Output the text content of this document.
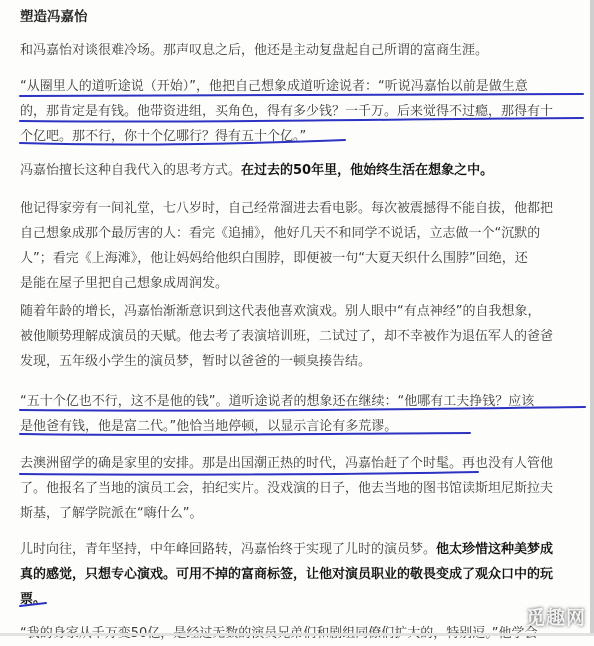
塑造冯嘉怡
和冯嘉怡对谈很难冷场。那声叹息之后，他还是主动复盘起自己所谓的富商生涯。
“从圈里人的道听途说（开始）”，他把自己想象成道听途说者：“听说冯嘉怡以前是做生意
的，那肯定是有钱。他带资进组，买角色，得有多少钱？一千万。后来觉得不过瘾，那得有十
个亿吧。那不行，你十个亿哪行？得有五十个亿。”
冯嘉怡擅长这种自我代入的思考方式。在过去的50年里，他始终生活在想象之中。
他记得家旁有一间礼堂，七八岁时，自己经常溜进去看电影。每次被震撼得不能自拔，他都把
自己想象成那个最厉害的人：看完《追捕》，他好几天不和同学不说话，立志做一个“沉默的
人”；看完《上海滩》，他让妈妈给他织白围脖，即便被一句“大夏天织什么围脖”回绝，还
是能在屋子里把自己想象成周润发。
随着年龄的增长，冯嘉怡渐渐意识到这代表他喜欢演戏。别人眼中“有点神经”的自我想象，
被他顺势理解成演员的天赋。他去考了表演培训班，二试过了，却不幸被作为退伍军人的爸爸
发现，五年级小学生的演员梦，暂时以爸爸的一顿臭揍告结。
“五十个亿也不行，这不是他的钱”。道听途说者的想象还在继续：“他哪有工夫挣钱？应该
是他爸有钱，他是富二代。”他恰当地停顿，以显示言论有多荒谬。
去澳洲留学的确是家里的安排。那是出国潮正热的时代，冯嘉怡赶了个时髦。再也没有人管他
了。他报名了当地的演员工会，拍纪实片。没戏演的日子，他去当地的图书馆读斯坦尼斯拉夫
斯基，了解学院派在“嗨什么”。
儿时向往，青年坚持，中年峰回路转，冯嘉怡终于实现了儿时的演员梦。他太珍惜这种美梦成
真的感觉，只想专心演戏。可用不掉的富商标签，让他对演员职业的敬畏变成了观众口中的玩
票。
觅趣网
